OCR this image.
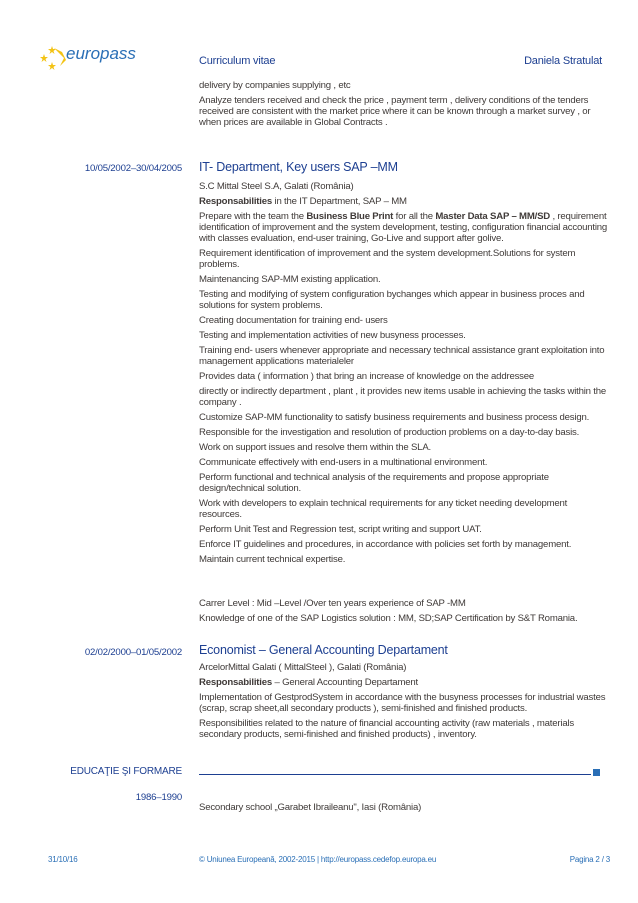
europass	Curriculum vitae	Daniela Stratulat

delivery by companies supplying , etc

Analyze tenders received and check the price , payment term , delivery conditions of the tenders received are consistent with the market price where it can be known through a market survey , or when prices are available in Global Contracts .

10/05/2002–30/04/2005 IT- Department, Key users SAP –MM

S.C Mittal Steel S.A, Galati (România)

Responsabilities in the IT Department, SAP – MM

Prepare with the team the Business Blue Print for all the Master Data SAP – MM/SD , requirement identification of improvement and the system development, testing, configuration financial accounting with classes evaluation, end-user training, Go-Live and support after golive.

Requirement identification of improvement and the system development.Solutions for system problems.

Maintenancing SAP-MM existing application.

Testing and modifying of system configuration bychanges which appear in business proces and solutions for system problems.

Creating documentation for training end- users

Testing and implementation activities of new busyness processes.

Training end- users whenever appropriate and necessary technical assistance grant exploitation into management applications materialeler

Provides data ( information ) that bring an increase of knowledge on the addressee

directly or indirectly department , plant , it provides new items usable in achieving the tasks within the company .

Customize SAP-MM functionality to satisfy business requirements and business process design.

Responsible for the investigation and resolution of production problems on a day-to-day basis.

Work on support issues and resolve them within the SLA.

Communicate effectively with end-users in a multinational environment.

Perform functional and technical analysis of the requirements and propose appropriate design/technical solution.

Work with developers to explain technical requirements for any ticket needing development resources.

Perform Unit Test and Regression test, script writing and support UAT.

Enforce IT guidelines and procedures, in accordance with policies set forth by management.

Maintain current technical expertise.

Carrer Level : Mid –Level /Over ten years experience of SAP -MM

Knowledge of one of the SAP Logistics solution : MM, SD;SAP Certification by S&T Romania.

02/02/2000–01/05/2002 Economist – General Accounting Departament

ArcelorMittal Galati ( MittalSteel ), Galati (România)

Responsabilities – General Accounting Departament

Implementation of GestprodSystem in accordance with the busyness processes for industrial wastes (scrap, scrap sheet,all secondary products ), semi-finished and finished products.

Responsibilities related to the nature of financial accounting activity (raw materials , materials secondary products, semi-finished and finished products) , inventory.

EDUCAŢIE ŞI FORMARE
1986–1990

Secondary school „Garabet Ibraileanu", Iasi (România)

31/10/16	© Uniunea Europeană, 2002-2015 | http://europass.cedefop.europa.eu	Pagina 2 / 3
